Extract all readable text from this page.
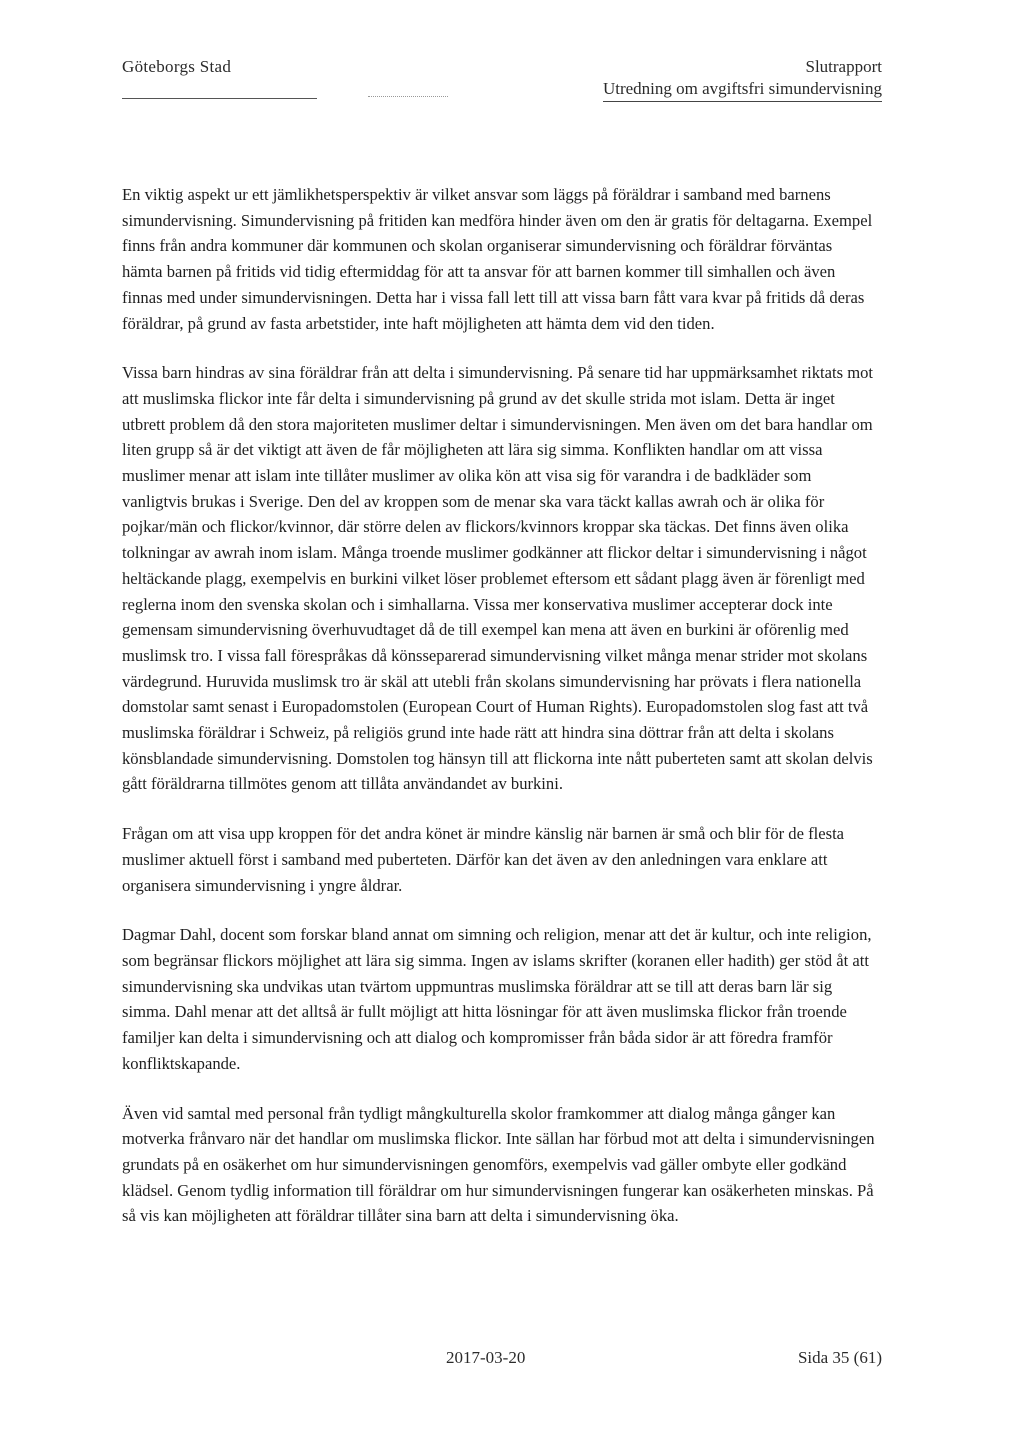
Göteborgs Stad	Slutrapport
Utredning om avgiftsfri simundervisning

En viktig aspekt ur ett jämlikhetsperspektiv är vilket ansvar som läggs på föräldrar i samband med barnens simundervisning. Simundervisning på fritiden kan medföra hinder även om den är gratis för deltagarna. Exempel finns från andra kommuner där kommunen och skolan organiserar simundervisning och föräldrar förväntas hämta barnen på fritids vid tidig eftermiddag för att ta ansvar för att barnen kommer till simhallen och även finnas med under simundervisningen. Detta har i vissa fall lett till att vissa barn fått vara kvar på fritids då deras föräldrar, på grund av fasta arbetstider, inte haft möjligheten att hämta dem vid den tiden.

Vissa barn hindras av sina föräldrar från att delta i simundervisning. På senare tid har uppmärksamhet riktats mot att muslimska flickor inte får delta i simundervisning på grund av det skulle strida mot islam. Detta är inget utbrett problem då den stora majoriteten muslimer deltar i simundervisningen. Men även om det bara handlar om liten grupp så är det viktigt att även de får möjligheten att lära sig simma. Konflikten handlar om att vissa muslimer menar att islam inte tillåter muslimer av olika kön att visa sig för varandra i de badkläder som vanligtvis brukas i Sverige. Den del av kroppen som de menar ska vara täckt kallas awrah och är olika för pojkar/män och flickor/kvinnor, där större delen av flickors/kvinnors kroppar ska täckas. Det finns även olika tolkningar av awrah inom islam. Många troende muslimer godkänner att flickor deltar i simundervisning i något heltäckande plagg, exempelvis en burkini vilket löser problemet eftersom ett sådant plagg även är förenligt med reglerna inom den svenska skolan och i simhallarna. Vissa mer konservativa muslimer accepterar dock inte gemensam simundervisning överhuvudtaget då de till exempel kan mena att även en burkini är oförenlig med muslimsk tro. I vissa fall förespråkas då könsseparerad simundervisning vilket många menar strider mot skolans värdegrund. Huruvida muslimsk tro är skäl att utebli från skolans simundervisning har prövats i flera nationella domstolar samt senast i Europadomstolen (European Court of Human Rights). Europadomstolen slog fast att två muslimska föräldrar i Schweiz, på religiös grund inte hade rätt att hindra sina döttrar från att delta i skolans könsblandade simundervisning. Domstolen tog hänsyn till att flickorna inte nått puberteten samt att skolan delvis gått föräldrarna tillmötes genom att tillåta användandet av burkini.

Frågan om att visa upp kroppen för det andra könet är mindre känslig när barnen är små och blir för de flesta muslimer aktuell först i samband med puberteten. Därför kan det även av den anledningen vara enklare att organisera simundervisning i yngre åldrar.

Dagmar Dahl, docent som forskar bland annat om simning och religion, menar att det är kultur, och inte religion, som begränsar flickors möjlighet att lära sig simma. Ingen av islams skrifter (koranen eller hadith) ger stöd åt att simundervisning ska undvikas utan tvärtom uppmuntras muslimska föräldrar att se till att deras barn lär sig simma. Dahl menar att det alltså är fullt möjligt att hitta lösningar för att även muslimska flickor från troende familjer kan delta i simundervisning och att dialog och kompromisser från båda sidor är att föredra framför konfliktskapande.

Även vid samtal med personal från tydligt mångkulturella skolor framkommer att dialog många gånger kan motverka frånvaro när det handlar om muslimska flickor. Inte sällan har förbud mot att delta i simundervisningen grundats på en osäkerhet om hur simundervisningen genomförs, exempelvis vad gäller ombyte eller godkänd klädsel. Genom tydlig information till föräldrar om hur simundervisningen fungerar kan osäkerheten minskas. På så vis kan möjligheten att föräldrar tillåter sina barn att delta i simundervisning öka.

2017-03-20	Sida 35 (61)
